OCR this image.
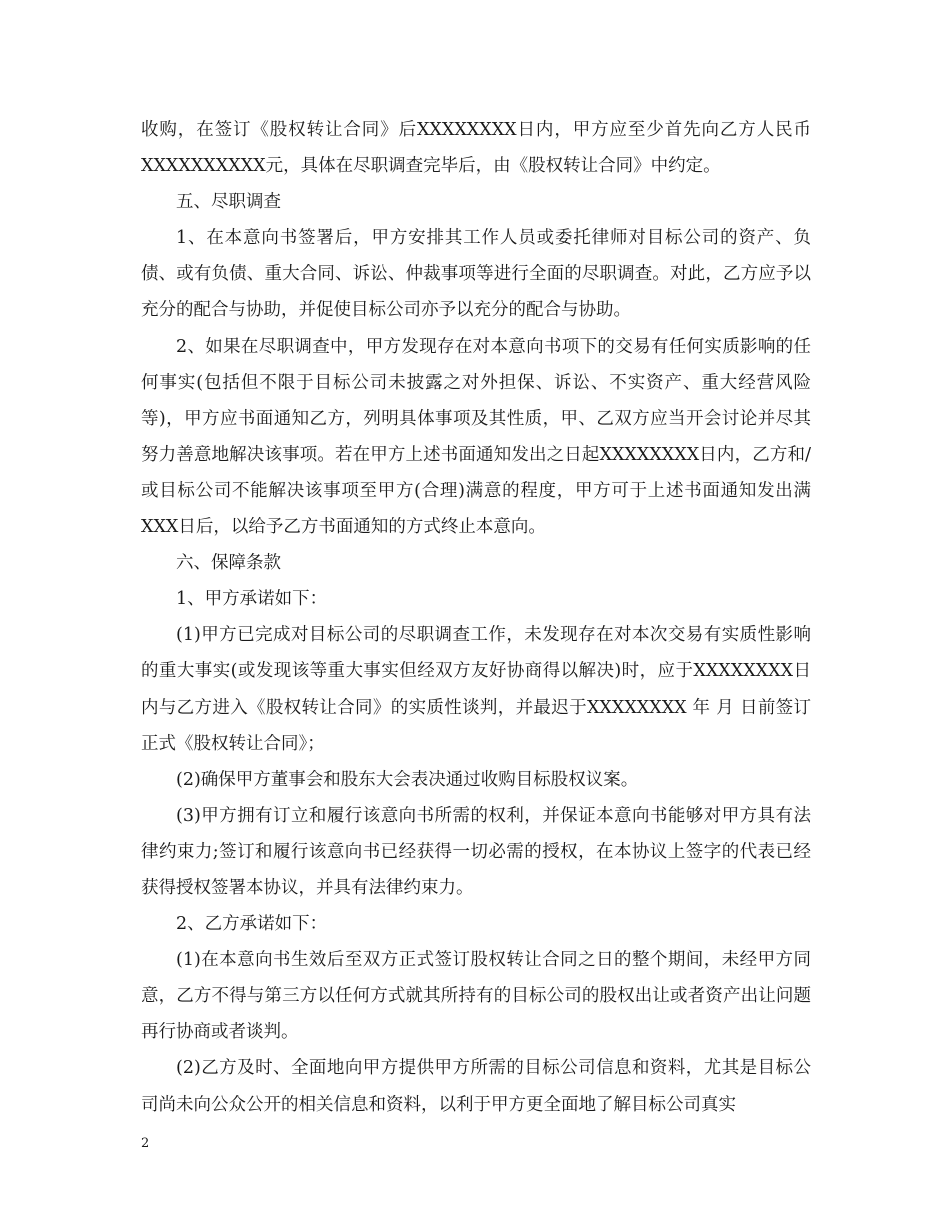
收购，在签订《股权转让合同》后XXXXXXXX日内，甲方应至少首先向乙方人民币XXXXXXXXXX元，具体在尽职调查完毕后，由《股权转让合同》中约定。

五、尽职调查

1、在本意向书签署后，甲方安排其工作人员或委托律师对目标公司的资产、负债、或有负债、重大合同、诉讼、仲裁事项等进行全面的尽职调查。对此，乙方应予以充分的配合与协助，并促使目标公司亦予以充分的配合与协助。

2、如果在尽职调查中，甲方发现存在对本意向书项下的交易有任何实质影响的任何事实(包括但不限于目标公司未披露之对外担保、诉讼、不实资产、重大经营风险等)，甲方应书面通知乙方，列明具体事项及其性质，甲、乙双方应当开会讨论并尽其努力善意地解决该事项。若在甲方上述书面通知发出之日起XXXXXXXX日内，乙方和/或目标公司不能解决该事项至甲方(合理)满意的程度，甲方可于上述书面通知发出满XXX日后，以给予乙方书面通知的方式终止本意向。

六、保障条款

1、甲方承诺如下：

(1)甲方已完成对目标公司的尽职调查工作，未发现存在对本次交易有实质性影响的重大事实(或发现该等重大事实但经双方友好协商得以解决)时，应于XXXXXXXX日内与乙方进入《股权转让合同》的实质性谈判，并最迟于XXXXXXXX 年 月 日前签订正式《股权转让合同》；

(2)确保甲方董事会和股东大会表决通过收购目标股权议案。

(3)甲方拥有订立和履行该意向书所需的权利，并保证本意向书能够对甲方具有法律约束力;签订和履行该意向书已经获得一切必需的授权，在本协议上签字的代表已经获得授权签署本协议，并具有法律约束力。

2、乙方承诺如下：

(1)在本意向书生效后至双方正式签订股权转让合同之日的整个期间，未经甲方同意，乙方不得与第三方以任何方式就其所持有的目标公司的股权出让或者资产出让问题再行协商或者谈判。

(2)乙方及时、全面地向甲方提供甲方所需的目标公司信息和资料，尤其是目标公司尚未向公众公开的相关信息和资料，以利于甲方更全面地了解目标公司真实

2
